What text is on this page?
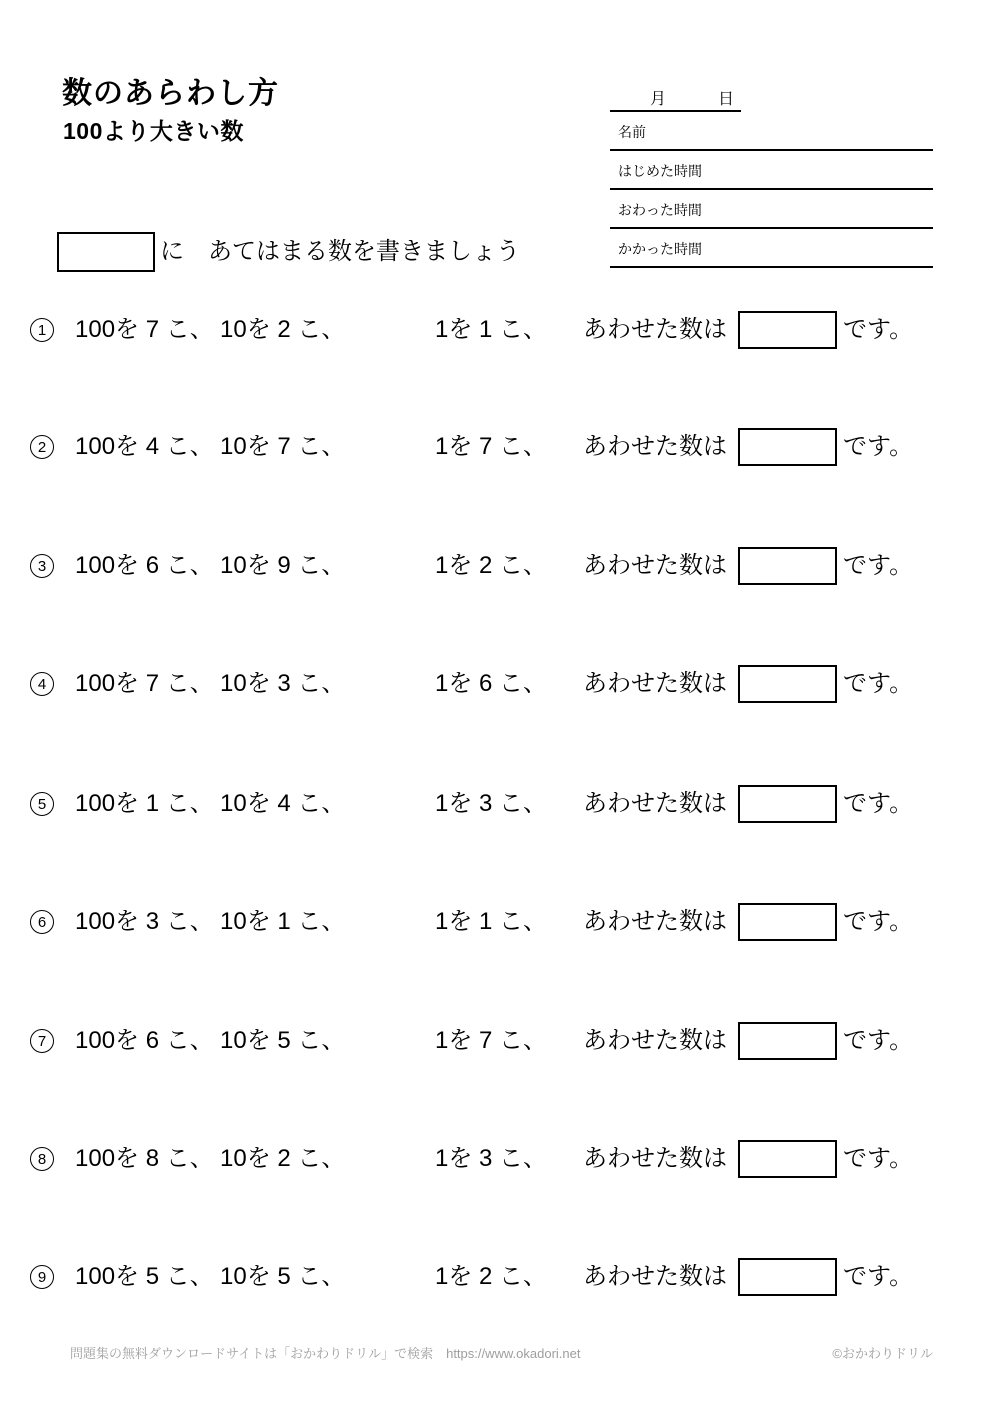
数のあらわし方
100より大きい数
月	日
名前
はじめた時間
おわった時間
かかった時間
に　あてはまる数を書きましょう
1 100を 7 こ、 10を 2 こ、	1を 1 こ、 あわせた数は	です。
2 100を 4 こ、 10を 7 こ、	1を 7 こ、 あわせた数は	です。
3 100を 6 こ、 10を 9 こ、	1を 2 こ、 あわせた数は	です。
4 100を 7 こ、 10を 3 こ、	1を 6 こ、 あわせた数は	です。
5 100を 1 こ、 10を 4 こ、	1を 3 こ、 あわせた数は	です。
6 100を 3 こ、 10を 1 こ、	1を 1 こ、 あわせた数は	です。
7 100を 6 こ、 10を 5 こ、	1を 7 こ、 あわせた数は	です。
8 100を 8 こ、 10を 2 こ、	1を 3 こ、 あわせた数は	です。
9 100を 5 こ、 10を 5 こ、	1を 2 こ、 あわせた数は	です。
問題集の無料ダウンロードサイトは「おかわりドリル」で検索　https://www.okadori.net	©おかわりドリル
